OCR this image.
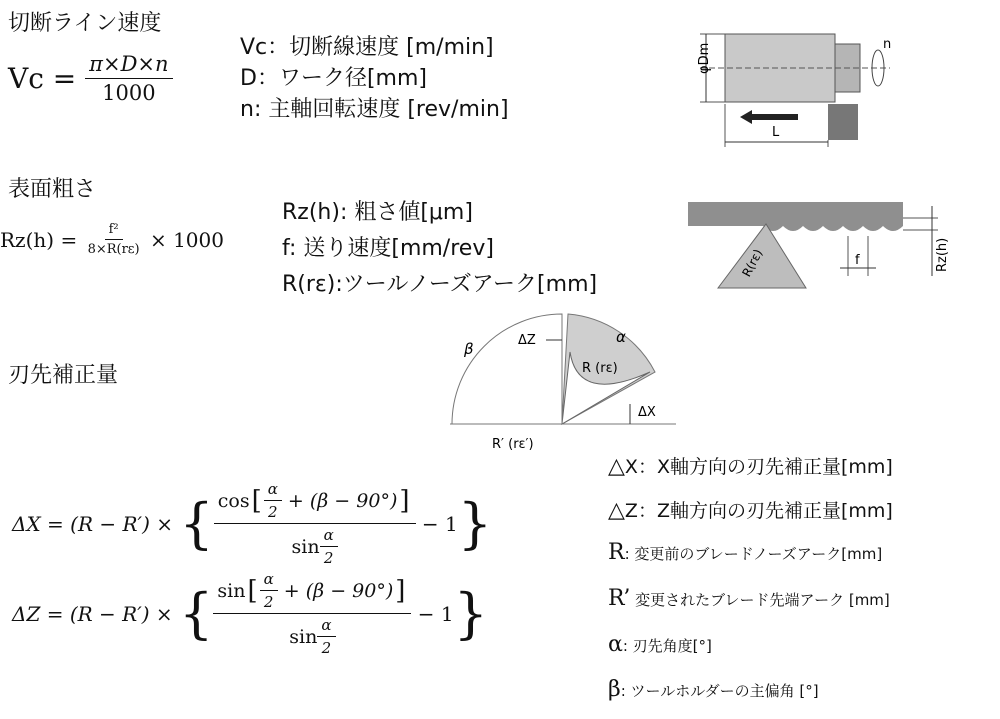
切断ライン速度
$Vc = \frac{\pi\times D\times n}{1000}$
Vc：切断線速度 [m/min]
D：ワーク径[mm]
n: 主軸回転速度 [rev/min]
φDm	n
L
表面粗さ
$Rz(h) = \frac{\text{f²}}{8\times R(r\varepsilon)} \times 1000$
Rz(h): 粗さ値[μm]
f: 送り速度[mm/rev]
R(rε):ツールノーズアーク[mm]
R(rε)	f	Rz(h)
刃先補正量
β	ΔZ	α
R (rε)
ΔX
R′ (rε′)
ΔX = (R − R′) × { cos [ $\frac{\alpha}{2} + (\beta - 90^\circ)$ ]
$\sin \frac{\alpha}{2}$
− 1 }
ΔZ = (R − R′) × { sin [ $\frac{\alpha}{2} + (\beta - 90^\circ)$ ]
$\sin \frac{\alpha}{2}$
− 1 }
△X：X軸方向の刃先補正量[mm]
△Z：Z軸方向の刃先補正量[mm]
R: 変更前のブレードノーズアーク[mm]
R’ 変更されたブレード先端アーク [mm]
α: 刃先角度[°]
β: ツールホルダーの主偏角 [°]
